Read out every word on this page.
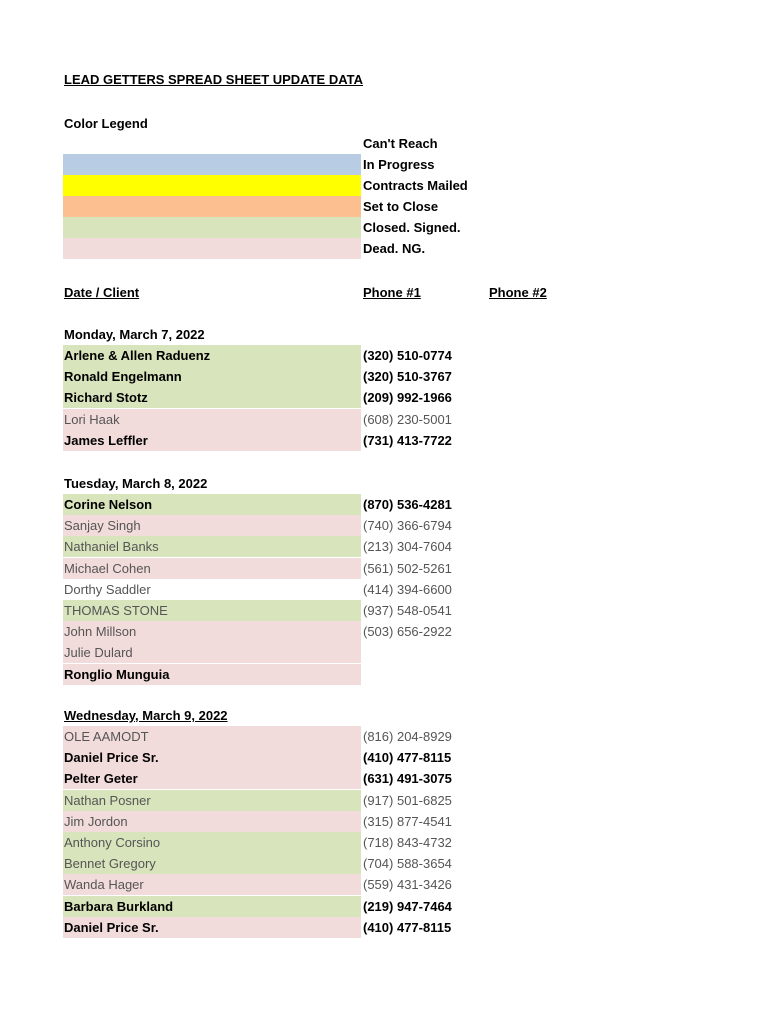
LEAD GETTERS SPREAD SHEET UPDATE DATA
Color Legend
Can't Reach
In Progress
Contracts Mailed
Set to Close
Closed. Signed.
Dead. NG.
Date / Client	Phone #1	Phone #2
Monday, March 7, 2022
Arlene & Allen Raduenz	(320) 510-0774
Ronald Engelmann	(320) 510-3767
Richard Stotz	(209) 992-1966
Lori Haak	(608) 230-5001
James Leffler	(731) 413-7722
Tuesday, March 8, 2022
Corine Nelson	(870) 536-4281
Sanjay Singh	(740) 366-6794
Nathaniel Banks	(213) 304-7604
Michael Cohen	(561) 502-5261
Dorthy Saddler	(414) 394-6600
THOMAS STONE	(937) 548-0541
John Millson	(503) 656-2922
Julie Dulard
Ronglio Munguia
Wednesday, March 9, 2022
OLE AAMODT	(816) 204-8929
Daniel Price Sr.	(410) 477-8115
Pelter Geter	(631) 491-3075
Nathan Posner	(917) 501-6825
Jim Jordon	(315) 877-4541
Anthony Corsino	(718) 843-4732
Bennet Gregory	(704) 588-3654
Wanda Hager	(559) 431-3426
Barbara Burkland	(219) 947-7464
Daniel Price Sr.	(410) 477-8115
